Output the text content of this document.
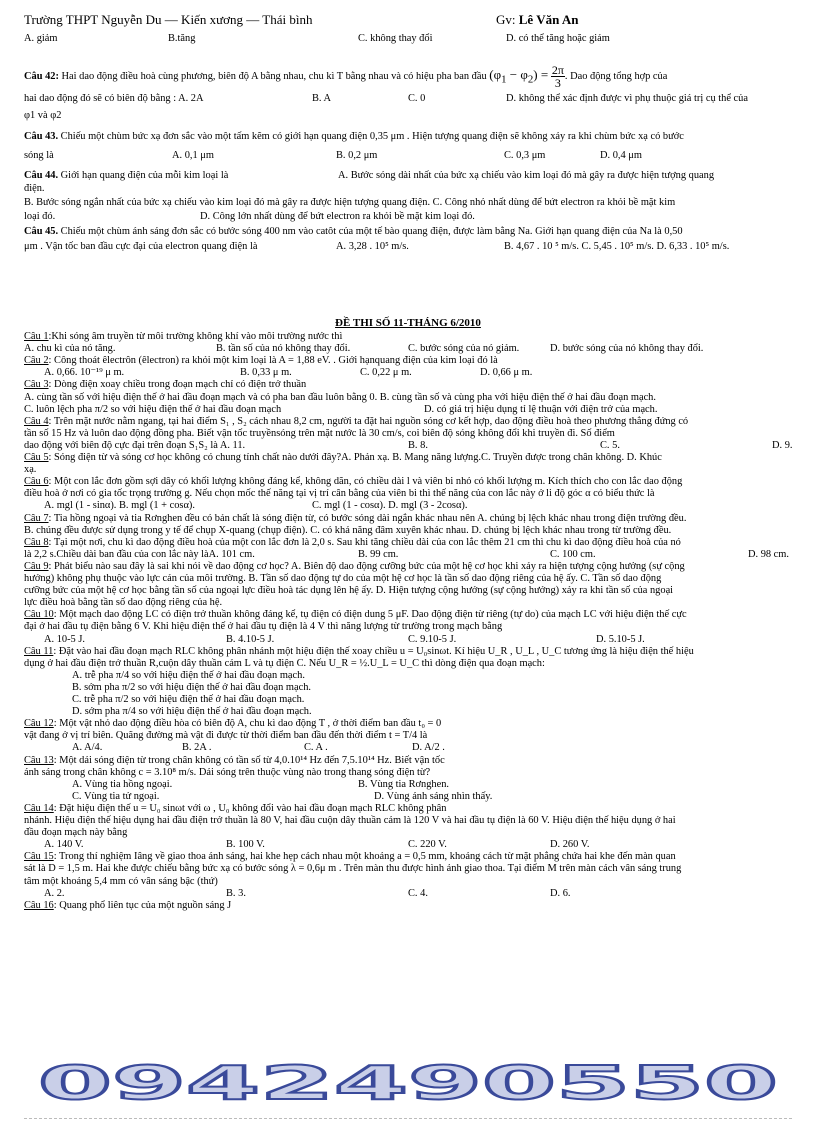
Trường THPT Nguyễn Du — Kiến xương — Thái bình	Gv: Lê Văn An
A. giảm	B.tăng	C. không thay đổi	D. có thể tăng hoặc giảm
Câu 42: Hai dao động điều hoà cùng phương, biên độ A bằng nhau, chu kì T bằng nhau và có hiệu pha ban đầu $(\varphi_1 - \varphi_2) = \frac{2\pi}{3}$ . Dao động tổng hợp của
hai dao động đó sẽ có biên độ bằng : A. 2A	B. A	C. 0	D. không thể xác định được vì phụ thuộc giá trị cụ thể của
φ1 và φ2
Câu 43. Chiếu một chùm bức xạ đơn sắc vào một tấm kẽm có giới hạn quang điện 0,35 μm . Hiện tượng quang điện sẽ không xảy ra khi chùm bức xạ có bước
sóng là	A. 0,1 μm	B. 0,2 μm	C. 0,3 μm	D. 0,4 μm
Câu 44. Giới hạn quang điện của mỗi kim loại là	A. Bước sóng dài nhất của bức xạ chiếu vào kim loại đó mà gây ra được hiện tượng quang
điện.
B. Bước sóng ngắn nhất của bức xạ chiếu vào kim loại đó mà gây ra được hiện tượng quang điện. C. Công nhỏ nhất dùng để bứt electron ra khỏi bề mặt kim
loại đó.	D. Công lớn nhất dùng để bứt electron ra khỏi bề mặt kim loại đó.
Câu 45. Chiếu một chùm ánh sáng đơn sắc có bước sóng 400 nm vào catôt của một tế bào quang điện, được làm bằng Na. Giới hạn quang điện của Na là 0,50
μm . Vận tốc ban đầu cực đại của electron quang điện là	A. 3,28 . 10⁵ m/s.	B. 4,67 . 10 ⁵ m/s. C. 5,45 . 10⁵ m/s. D. 6,33 . 10⁵ m/s.
ĐỀ THI SỐ 11-THÁNG 6/2010
Câu 1:Khi sóng âm truyền từ môi trường không khí vào môi trường nước thì
A. chu kì của nó tăng.	B. tần số của nó không thay đổi.	C. bước sóng của nó giảm.	D. bước sóng của nó không thay đổi.
Câu 2: Công thoát êlectrôn (êlectron) ra khỏi một kim loại là A = 1,88 eV. . Giới hạnquang điện của kim loại đó là
A. 0,66. 10⁻¹⁹ μ m.	B. 0,33 μ m.	C. 0,22 μ m.	D. 0,66 μ m.
Câu 3: Dòng điện xoay chiều trong đoạn mạch chỉ có điện trở thuần
A. cùng tần số với hiệu điện thế ở hai đầu đoạn mạch và có pha ban đầu luôn bằng 0. B. cùng tần số và cùng pha với hiệu điện thế ở hai đầu đoạn mạch.
C. luôn lệch pha π/2 so với hiệu điện thế ở hai đầu đoạn mạch	D. có giá trị hiệu dụng tỉ lệ thuận với điện trở của mạch.
Câu 4: Trên mặt nước nằm ngang, tại hai điểm S₁ , S₂ cách nhau 8,2 cm, người ta đặt hai nguồn sóng cơ kết hợp, dao động điều hoà theo phương thẳng đứng có
tần số 15 Hz và luôn dao động đồng pha. Biết vận tốc truyềnsóng trên mặt nước là 30 cm/s, coi biên độ sóng không đổi khi truyền đi. Số điểm
dao động với biên độ cực đại trên đoạn S₁S₂ là A. 11.	B. 8.	C. 5.	D. 9.
Câu 5: Sóng điện từ và sóng cơ học không có chung tính chất nào dưới đây?A. Phản xạ. B. Mang năng lượng.C. Truyền được trong chân không. D. Khúc
xạ.
Câu 6: Một con lắc đơn gồm sợi dây có khối lượng không đáng kể, không dãn, có chiều dài l và viên bi nhỏ có khối lượng m. Kích thích cho con lắc dao động
điều hoà ở nơi có gia tốc trọng trường g. Nếu chọn mốc thế năng tại vị trí cân bằng của viên bi thì thế năng của con lắc này ở li độ góc α có biểu thức là
A. mgl (1 - sinα). B. mgl (1 + cosα).	C. mgl (1 - cosα). D. mgl (3 - 2cosα).
Câu 7: Tia hồng ngoại và tia Rơnghen đều có bản chất là sóng điện từ, có bước sóng dài ngắn khác nhau nên A. chúng bị lệch khác nhau trong điện trường đều.
B. chúng đều được sử dụng trong y tế để chụp X-quang (chụp điện). C. có khả năng đâm xuyên khác nhau. D. chúng bị lệch khác nhau trong từ trường đều.
Câu 8: Tại một nơi, chu kì dao động điều hoà của một con lắc đơn là 2,0 s. Sau khi tăng chiều dài của con lắc thêm 21 cm thì chu kì dao động điều hoà của nó
là 2,2 s.Chiều dài ban đầu của con lắc này làA. 101 cm.	B. 99 cm.	C. 100 cm.	D. 98 cm.
Câu 9: Phát biểu nào sau đây là sai khi nói về dao động cơ học? A. Biên độ dao động cưỡng bức của một hệ cơ học khi xảy ra hiện tượng cộng hưởng (sự cộng
hưởng) không phụ thuộc vào lực cản của môi trường. B. Tần số dao động tự do của một hệ cơ học là tần số dao động riêng của hệ ấy. C. Tần số dao động
cưỡng bức của một hệ cơ học bằng tần số của ngoại lực điều hoà tác dụng lên hệ ấy. D. Hiện tượng cộng hưởng (sự cộng hưởng) xảy ra khi tần số của ngoại
lực điều hoà bằng tần số dao động riêng của hệ.
Câu 10: Một mạch dao động LC có điện trở thuần không đáng kể, tụ điện có điện dung 5 μF. Dao động điện từ riêng (tự do) của mạch LC với hiệu điện thế cực
đại ở hai đầu tụ điện bằng 6 V. Khi hiệu điện thế ở hai đầu tụ điện là 4 V thì năng lượng từ trường trong mạch bằng
A. 10-5 J.	B. 4.10-5 J.	C. 9.10-5 J.	D. 5.10-5 J.
Câu 11: Đặt vào hai đầu đoạn mạch RLC không phân nhánh một hiệu điện thế xoay chiều u = U₀sinωt. Kí hiệu U_R , U_L , U_C tương ứng là hiệu điện thế hiệu
dụng ở hai đầu điện trở thuần R,cuộn dây thuần cảm L và tụ điện C. Nếu U_R = ½.U_L = U_C thì dòng điện qua đoạn mạch:
A. trễ pha π/4 so với hiệu điện thế ở hai đầu đoạn mạch.
B. sớm pha π/2 so với hiệu điện thế ở hai đầu đoạn mạch.
C. trễ pha π/2 so với hiệu điện thế ở hai đầu đoạn mạch.
D. sớm pha π/4 so với hiệu điện thế ở hai đầu đoạn mạch.
Câu 12: Một vật nhỏ dao động điều hòa có biên độ A, chu kì dao động T , ở thời điểm ban đầu t₀ = 0
vật đang ở vị trí biên. Quãng đường mà vật đi được từ thời điểm ban đầu đến thời điểm t = T/4 là
A. A/4.	B. 2A .	C. A .	D. A/2 .
Câu 13: Một dải sóng điện từ trong chân không có tần số từ 4,0.10¹⁴ Hz đến 7,5.10¹⁴ Hz. Biết vận tốc
ánh sáng trong chân không c = 3.10⁸ m/s. Dải sóng trên thuộc vùng nào trong thang sóng điện từ?
A. Vùng tia hồng ngoại.	B. Vùng tia Rơnghen.
C. Vùng tia tử ngoại.	D. Vùng ánh sáng nhìn thấy.
Câu 14: Đặt hiệu điện thế u = U₀ sinωt với ω , U₀ không đổi vào hai đầu đoạn mạch RLC không phân
nhánh. Hiệu điện thế hiệu dụng hai đầu điện trở thuần là 80 V, hai đầu cuộn dây thuần cảm là 120 V và hai đầu tụ điện là 60 V. Hiệu điện thế hiệu dụng ở hai
đầu đoạn mạch này bằng
A. 140 V.	B. 100 V.	C. 220 V.	D. 260 V.
Câu 15: Trong thí nghiệm Iâng về giao thoa ánh sáng, hai khe hẹp cách nhau một khoảng a = 0,5 mm, khoảng cách từ mặt phẳng chứa hai khe đến màn quan
sát là D = 1,5 m. Hai khe được chiếu bằng bức xạ có bước sóng λ = 0,6μ m . Trên màn thu được hình ảnh giao thoa. Tại điểm M trên màn cách vân sáng trung
tâm một khoảng 5,4 mm có vân sáng bậc (thứ)
A. 2.	B. 3.	C. 4.	D. 6.
Câu 16: Quang phổ liên tục của một nguồn sáng J
0942490550
